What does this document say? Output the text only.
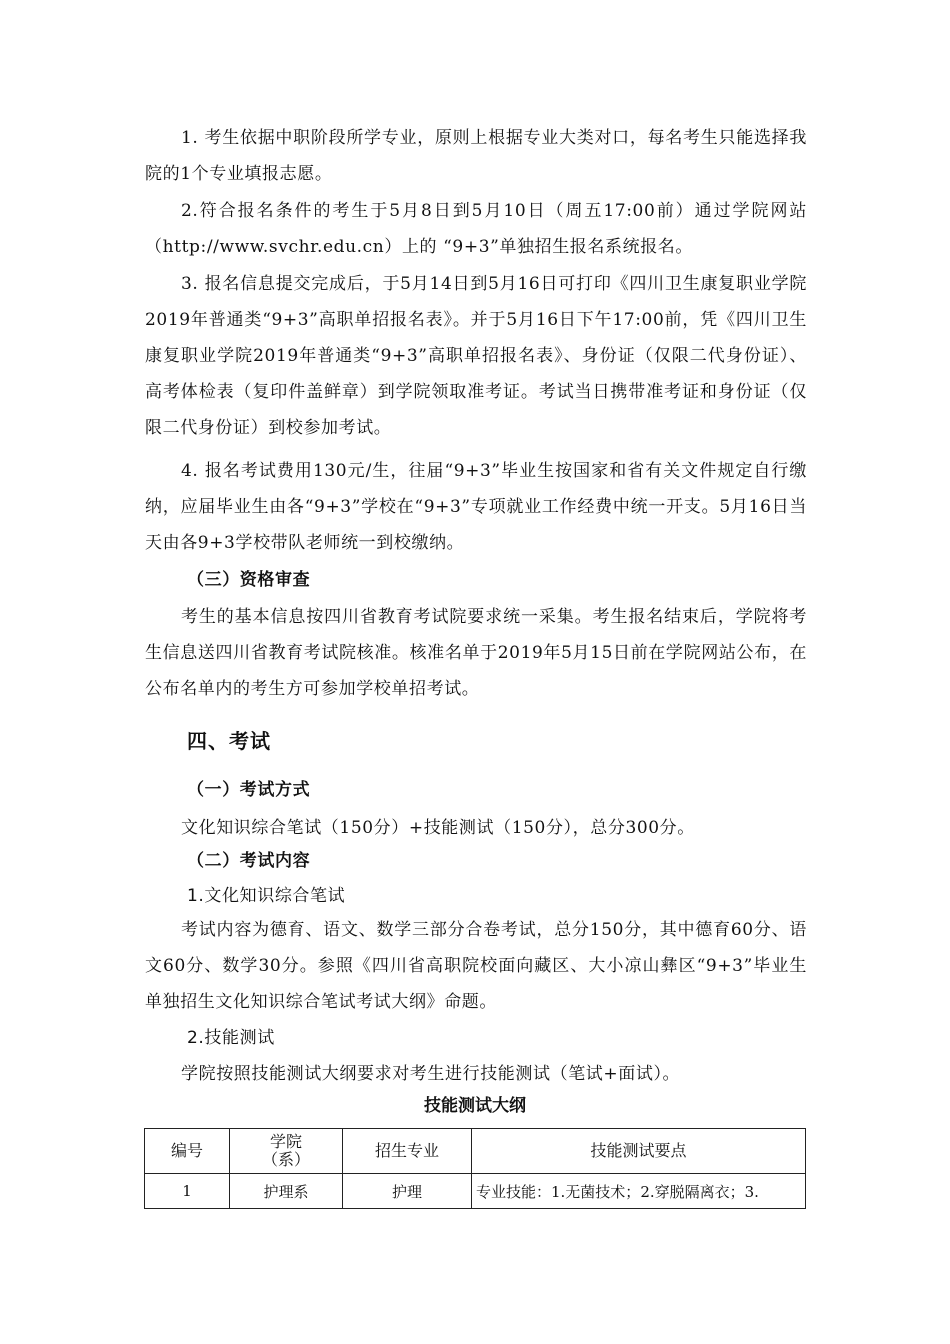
1. 考生依据中职阶段所学专业，原则上根据专业大类对口，每名考生只能选择我院的1个专业填报志愿。

2.符合报名条件的考生于5月8日到5月10日（周五17:00前）通过学院网站（http://www.svchr.edu.cn）上的 “9+3”单独招生报名系统报名。

3. 报名信息提交完成后，于5月14日到5月16日可打印《四川卫生康复职业学院2019年普通类“9+3”高职单招报名表》。并于5月16日下午17:00前，凭《四川卫生康复职业学院2019年普通类“9+3”高职单招报名表》、身份证（仅限二代身份证）、高考体检表（复印件盖鲜章）到学院领取准考证。考试当日携带准考证和身份证（仅限二代身份证）到校参加考试。

4. 报名考试费用130元/生，往届“9+3”毕业生按国家和省有关文件规定自行缴纳，应届毕业生由各“9+3”学校在“9+3”专项就业工作经费中统一开支。5月16日当天由各9+3学校带队老师统一到校缴纳。

（三）资格审查

考生的基本信息按四川省教育考试院要求统一采集。考生报名结束后，学院将考生信息送四川省教育考试院核准。核准名单于2019年5月15日前在学院网站公布，在公布名单内的考生方可参加学校单招考试。

四、考试
（一）考试方式

文化知识综合笔试（150分）+技能测试（150分），总分300分。

（二）考试内容
1.文化知识综合笔试

考试内容为德育、语文、数学三部分合卷考试，总分150分，其中德育60分、语文60分、数学30分。参照《四川省高职院校面向藏区、大小凉山彝区“9+3”毕业生单独招生文化知识综合笔试考试大纲》命题。

2.技能测试

学院按照技能测试大纲要求对考生进行技能测试（笔试+面试）。

技能测试大纲
编号	学院
（系）	招生专业	技能测试要点
1	护理系	护理	专业技能：1.无菌技术；2.穿脱隔离衣；3.
